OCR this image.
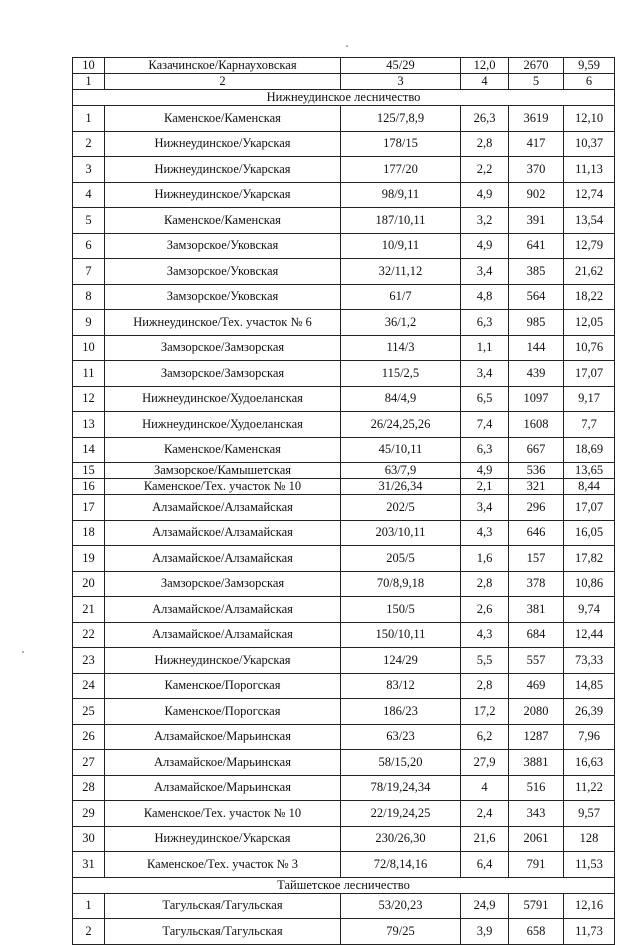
10	Казачинское/Карнауховская	45/29	12,0	2670	9,59
1	2	3	4	5	6
Нижнеудинское лесничество					
1	Каменское/Каменская	125/7,8,9	26,3	3619	12,10
2	Нижнеудинское/Укарская	178/15	2,8	417	10,37
3	Нижнеудинское/Укарская	177/20	2,2	370	11,13
4	Нижнеудинское/Укарская	98/9,11	4,9	902	12,74
5	Каменское/Каменская	187/10,11	3,2	391	13,54
6	Замзорское/Уковская	10/9,11	4,9	641	12,79
7	Замзорское/Уковская	32/11,12	3,4	385	21,62
8	Замзорское/Уковская	61/7	4,8	564	18,22
9	Нижнеудинское/Тех. участок № 6	36/1,2	6,3	985	12,05
10	Замзорское/Замзорская	114/3	1,1	144	10,76
11	Замзорское/Замзорская	115/2,5	3,4	439	17,07
12	Нижнеудинское/Худоеланская	84/4,9	6,5	1097	9,17
13	Нижнеудинское/Худоеланская	26/24,25,26	7,4	1608	7,7
14	Каменское/Каменская	45/10,11	6,3	667	18,69
15	Замзорское/Камышетская	63/7,9	4,9	536	13,65
16	Каменское/Тех. участок № 10	31/26,34	2,1	321	8,44
17	Алзамайское/Алзамайская	202/5	3,4	296	17,07
18	Алзамайское/Алзамайская	203/10,11	4,3	646	16,05
19	Алзамайское/Алзамайская	205/5	1,6	157	17,82
20	Замзорское/Замзорская	70/8,9,18	2,8	378	10,86
21	Алзамайское/Алзамайская	150/5	2,6	381	9,74
22	Алзамайское/Алзамайская	150/10,11	4,3	684	12,44
23	Нижнеудинское/Укарская	124/29	5,5	557	73,33
24	Каменское/Порогская	83/12	2,8	469	14,85
25	Каменское/Порогская	186/23	17,2	2080	26,39
26	Алзамайское/Марьинская	63/23	6,2	1287	7,96
27	Алзамайское/Марьинская	58/15,20	27,9	3881	16,63
28	Алзамайское/Марьинская	78/19,24,34	4	516	11,22
29	Каменское/Тех. участок № 10	22/19,24,25	2,4	343	9,57
30	Нижнеудинское/Укарская	230/26,30	21,6	2061	128
31	Каменское/Тех. участок № 3	72/8,14,16	6,4	791	11,53
Тайшетское лесничество					
1	Тагульская/Тагульская	53/20,23	24,9	5791	12,16
2	Тагульская/Тагульская	79/25	3,9	658	11,73
